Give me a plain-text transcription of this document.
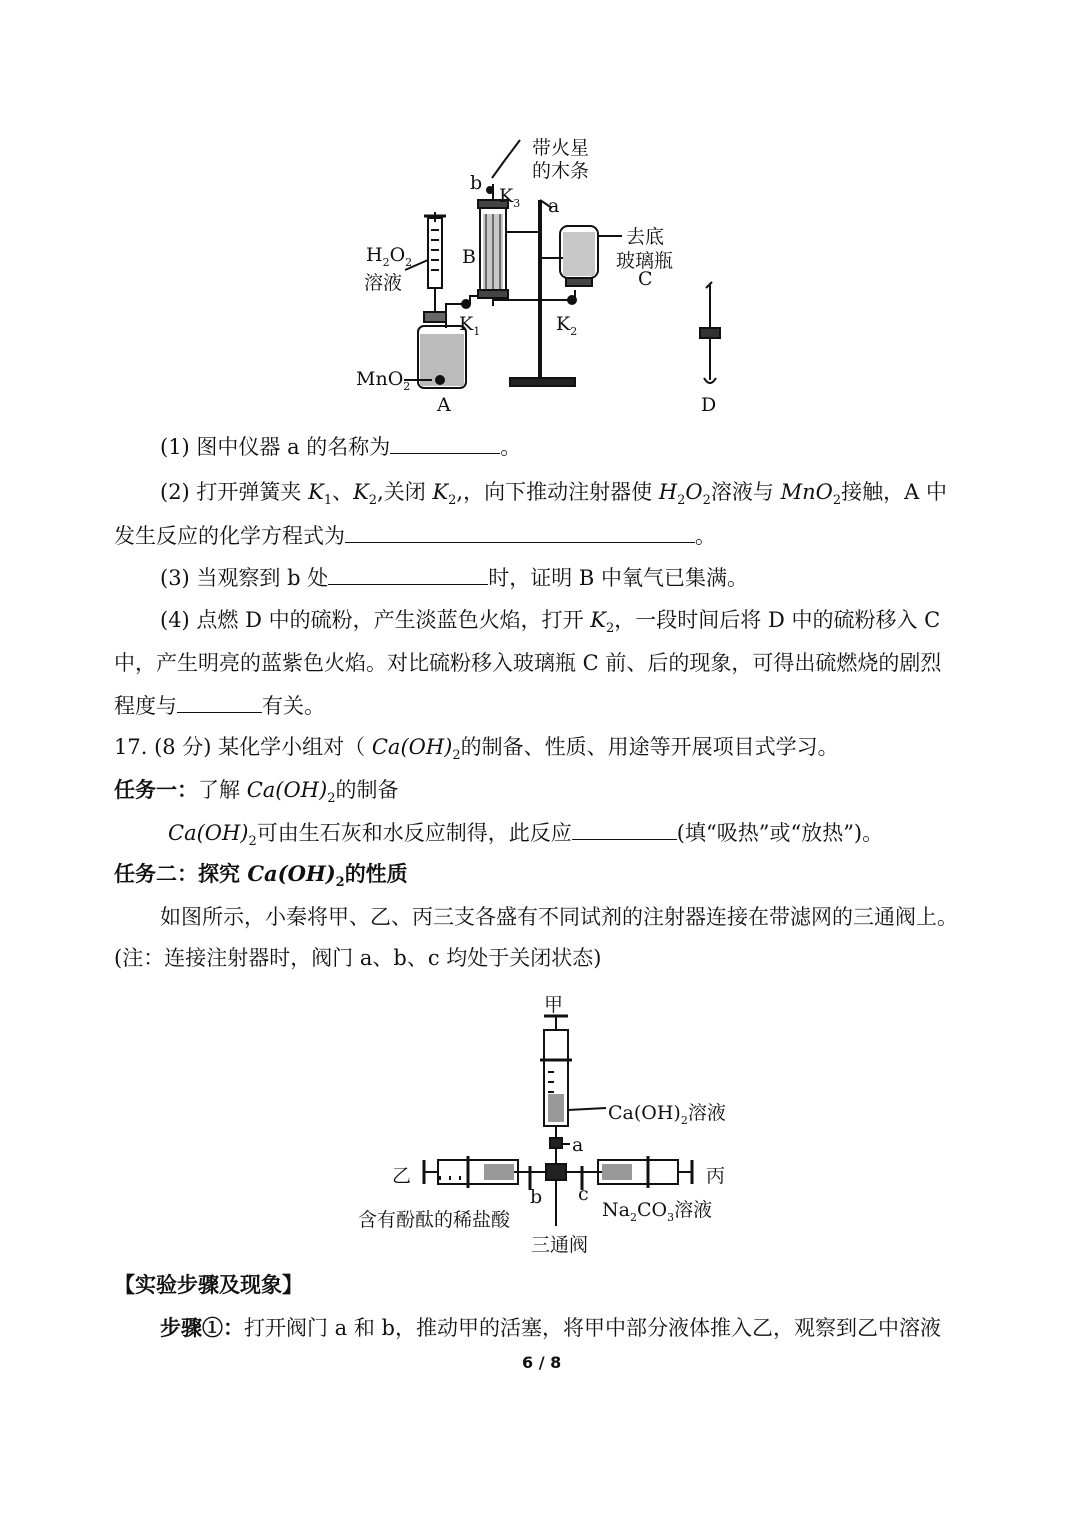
带火星
的木条
b
$K_3$ a
去底
玻璃瓶
C
$H_2O_2$
溶液
B
$K_1$	$K_2$
MnO$_2$
A	D
(1) 图中仪器 a 的名称为	。
(2) 打开弹簧夹 $K_1$、$K_2$,关闭 $K_2$,，向下推动注射器使 $H_2O_2$溶液与 MnO$_2$接触，A 中
发生反应的化学方程式为	。
(3) 当观察到 b 处	时，证明 B 中氧气已集满。
(4) 点燃 D 中的硫粉，产生淡蓝色火焰，打开 $K_2$，一段时间后将 D 中的硫粉移入 C
中，产生明亮的蓝紫色火焰。对比硫粉移入玻璃瓶 C 前、后的现象，可得出硫燃烧的剧烈
程度与	有关。
17. (8 分) 某化学小组对（ $Ca(OH)_2$的制备、性质、用途等开展项目式学习。
任务一：了解 $Ca(OH)_2$的制备
$Ca(OH)_2$可由生石灰和水反应制得，此反应	(填“吸热”或“放热”)。
任务二：探究 $Ca(OH)_2$的性质
如图所示，小秦将甲、乙、丙三支各盛有不同试剂的注射器连接在带滤网的三通阀上。
(注：连接注射器时，阀门 a、b、c 均处于关闭状态)
甲
$Ca(OH)_2$溶液
a
乙	丙
b c
含有酚酞的稀盐酸	$Na_2CO_3$溶液
三通阀
【实验步骤及现象】
步骤①：打开阀门 a 和 b，推动甲的活塞，将甲中部分液体推入乙，观察到乙中溶液
6 / 8
